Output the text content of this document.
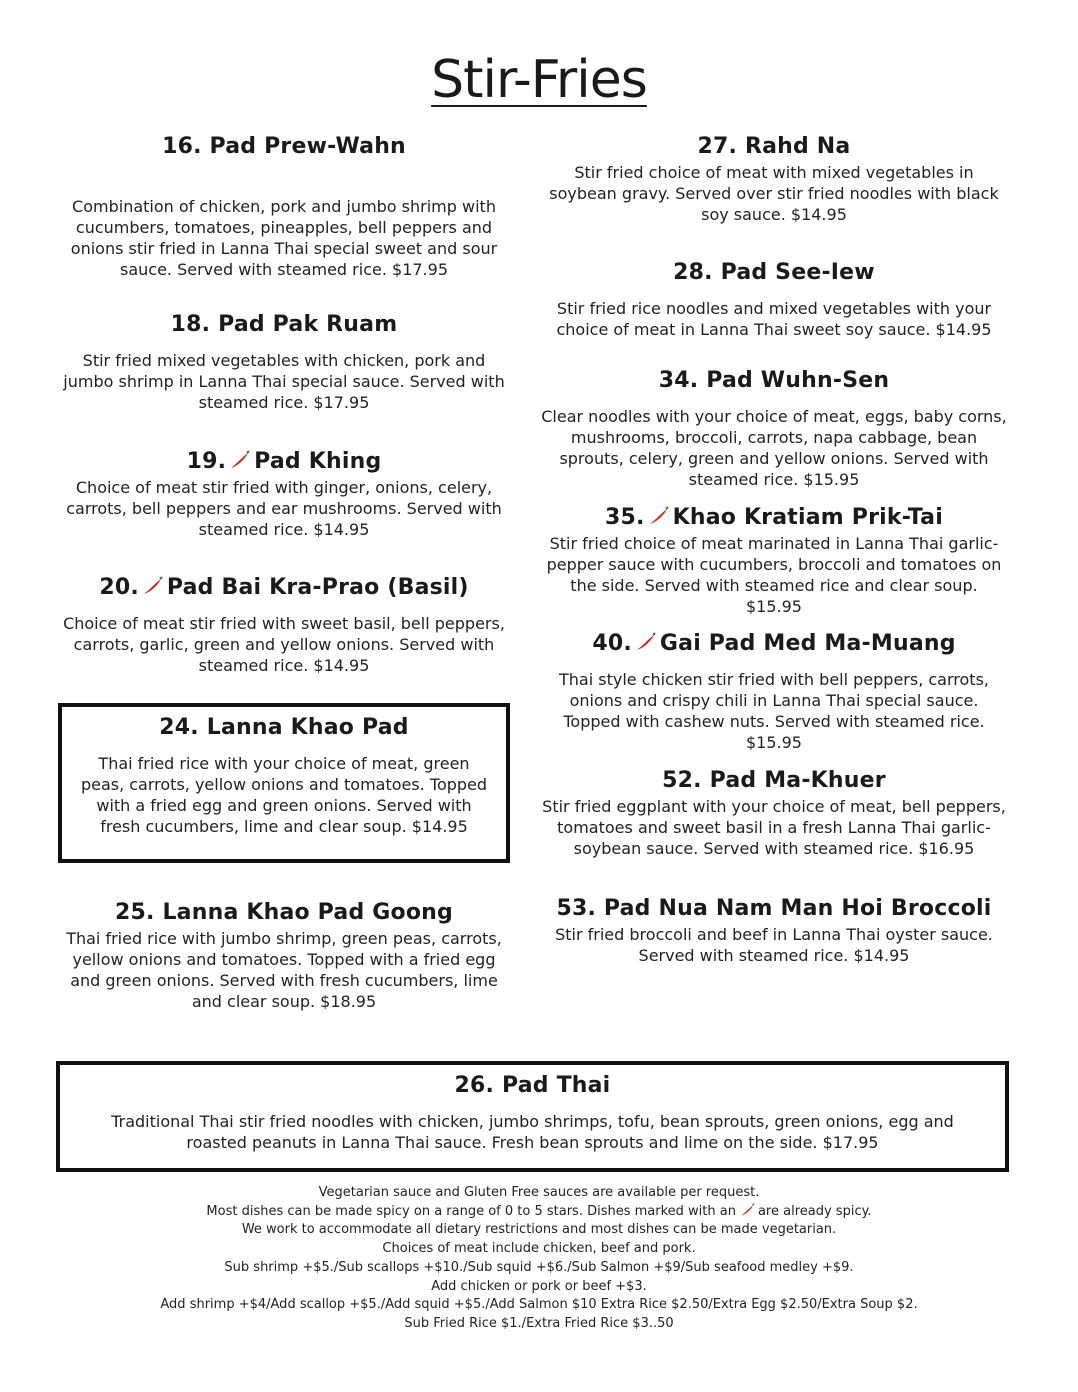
Stir-Fries
16. Pad Prew-Wahn

Combination of chicken, pork and jumbo shrimp with cucumbers, tomatoes, pineapples, bell peppers and onions stir fried in Lanna Thai special sweet and sour sauce. Served with steamed rice. $17.95

18. Pad Pak Ruam

Stir fried mixed vegetables with chicken, pork and jumbo shrimp in Lanna Thai special sauce. Served with steamed rice. $17.95

19. Pad Khing

Choice of meat stir fried with ginger, onions, celery, carrots, bell peppers and ear mushrooms. Served with steamed rice. $14.95

20. Pad Bai Kra-Prao (Basil)

Choice of meat stir fried with sweet basil, bell peppers, carrots, garlic, green and yellow onions. Served with steamed rice. $14.95

24. Lanna Khao Pad

Thai fried rice with your choice of meat, green peas, carrots, yellow onions and tomatoes. Topped with a fried egg and green onions. Served with fresh cucumbers, lime and clear soup. $14.95

25. Lanna Khao Pad Goong

Thai fried rice with jumbo shrimp, green peas, carrots, yellow onions and tomatoes. Topped with a fried egg and green onions. Served with fresh cucumbers, lime and clear soup. $18.95

27. Rahd Na

Stir fried choice of meat with mixed vegetables in soybean gravy. Served over stir fried noodles with black soy sauce. $14.95

28. Pad See-Iew

Stir fried rice noodles and mixed vegetables with your choice of meat in Lanna Thai sweet soy sauce. $14.95

34. Pad Wuhn-Sen

Clear noodles with your choice of meat, eggs, baby corns, mushrooms, broccoli, carrots, napa cabbage, bean sprouts, celery, green and yellow onions. Served with steamed rice. $15.95

35. Khao Kratiam Prik-Tai

Stir fried choice of meat marinated in Lanna Thai garlic-pepper sauce with cucumbers, broccoli and tomatoes on the side. Served with steamed rice and clear soup. $15.95

40. Gai Pad Med Ma-Muang

Thai style chicken stir fried with bell peppers, carrots, onions and crispy chili in Lanna Thai special sauce. Topped with cashew nuts. Served with steamed rice. $15.95

52. Pad Ma-Khuer

Stir fried eggplant with your choice of meat, bell peppers, tomatoes and sweet basil in a fresh Lanna Thai garlic-soybean sauce. Served with steamed rice. $16.95

53. Pad Nua Nam Man Hoi Broccoli

Stir fried broccoli and beef in Lanna Thai oyster sauce. Served with steamed rice. $14.95

26. Pad Thai

Traditional Thai stir fried noodles with chicken, jumbo shrimps, tofu, bean sprouts, green onions, egg and roasted peanuts in Lanna Thai sauce. Fresh bean sprouts and lime on the side. $17.95

Vegetarian sauce and Gluten Free sauces are available per request.
Most dishes can be made spicy on a range of 0 to 5 stars. Dishes marked with an are already spicy.
We work to accommodate all dietary restrictions and most dishes can be made vegetarian.
Choices of meat include chicken, beef and pork.
Sub shrimp +$5./Sub scallops +$10./Sub squid +$6./Sub Salmon +$9/Sub seafood medley +$9.
Add chicken or pork or beef +$3.
Add shrimp +$4/Add scallop +$5./Add squid +$5./Add Salmon $10 Extra Rice $2.50/Extra Egg $2.50/Extra Soup $2.
Sub Fried Rice $1./Extra Fried Rice $3..50
